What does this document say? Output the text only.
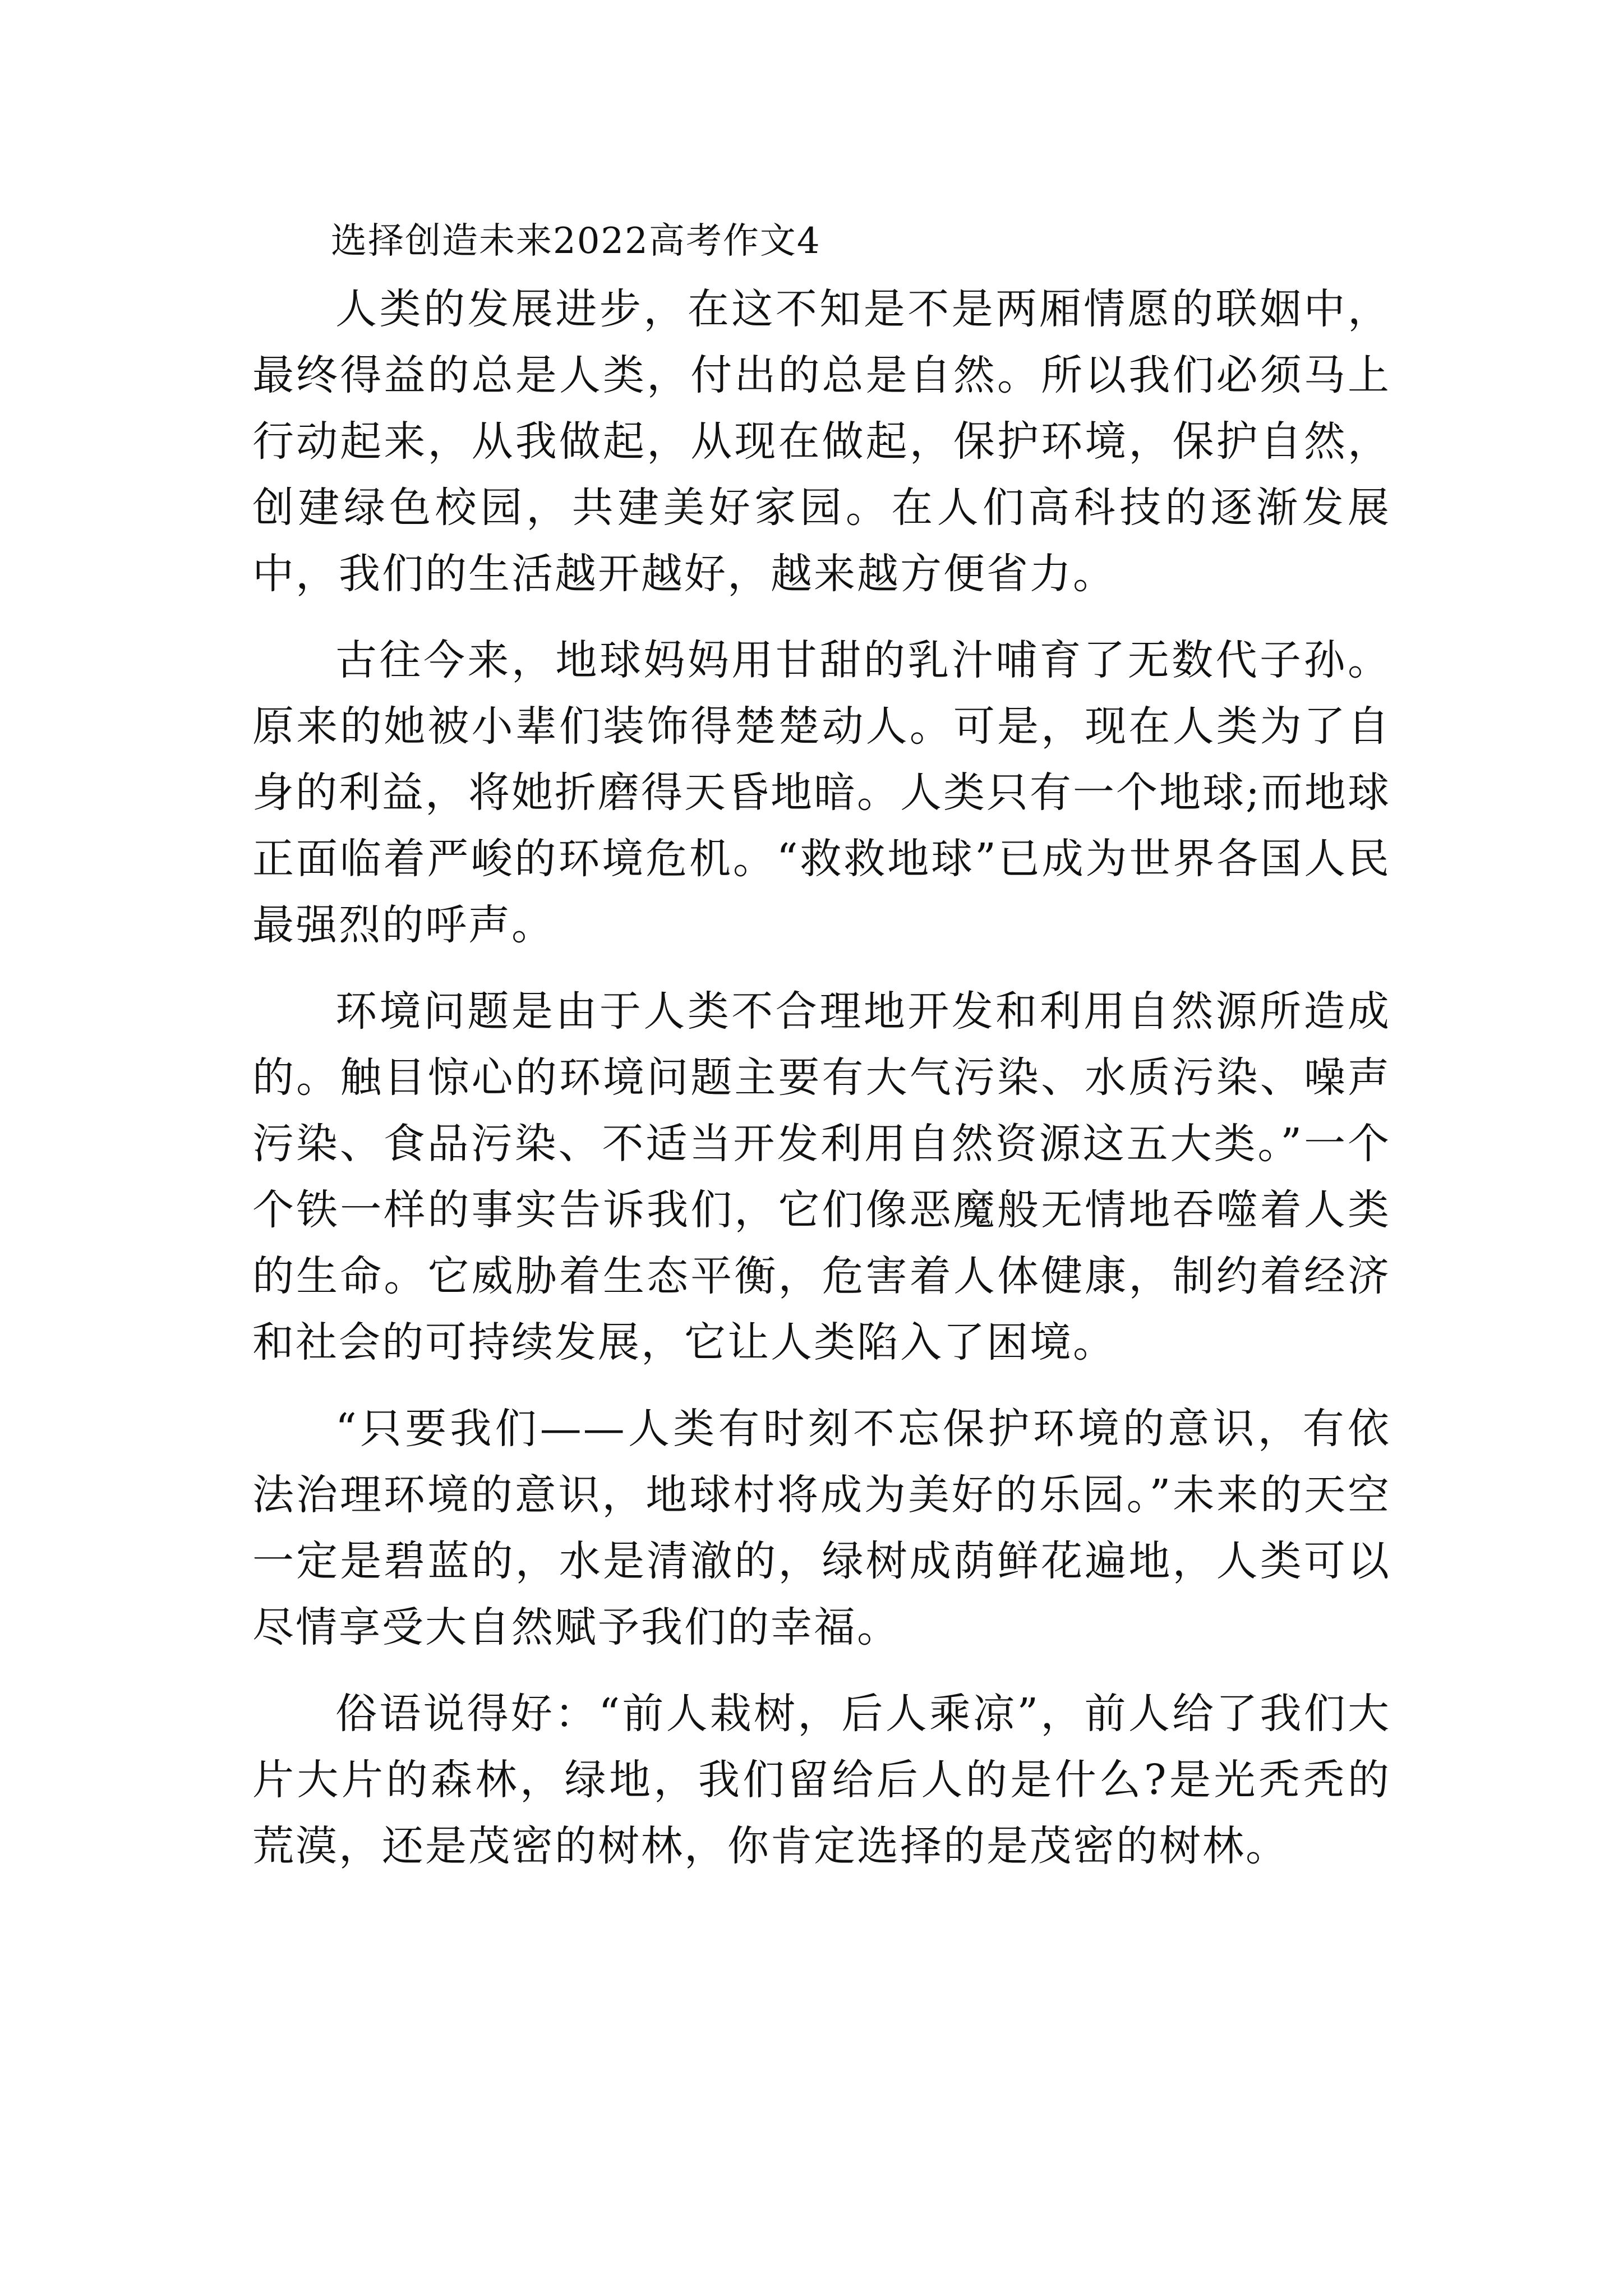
选择创造未来2022高考作文4

人类的发展进步，在这不知是不是两厢情愿的联姻中，最终得益的总是人类，付出的总是自然。所以我们必须马上行动起来，从我做起，从现在做起，保护环境，保护自然，创建绿色校园，共建美好家园。在人们高科技的逐渐发展中，我们的生活越开越好，越来越方便省力。

古往今来，地球妈妈用甘甜的乳汁哺育了无数代子孙。原来的她被小辈们装饰得楚楚动人。可是，现在人类为了自身的利益，将她折磨得天昏地暗。人类只有一个地球;而地球正面临着严峻的环境危机。“救救地球”已成为世界各国人民最强烈的呼声。

环境问题是由于人类不合理地开发和利用自然源所造成的。触目惊心的环境问题主要有大气污染、水质污染、噪声污染、食品污染、不适当开发利用自然资源这五大类。”一个个铁一样的事实告诉我们，它们像恶魔般无情地吞噬着人类的生命。它威胁着生态平衡，危害着人体健康，制约着经济和社会的可持续发展，它让人类陷入了困境。

“只要我们——人类有时刻不忘保护环境的意识，有依法治理环境的意识，地球村将成为美好的乐园。”未来的天空一定是碧蓝的，水是清澈的，绿树成荫鲜花遍地，人类可以尽情享受大自然赋予我们的幸福。

俗语说得好：“前人栽树，后人乘凉”，前人给了我们大片大片的森林，绿地，我们留给后人的是什么?是光秃秃的荒漠，还是茂密的树林，你肯定选择的是茂密的树林。
